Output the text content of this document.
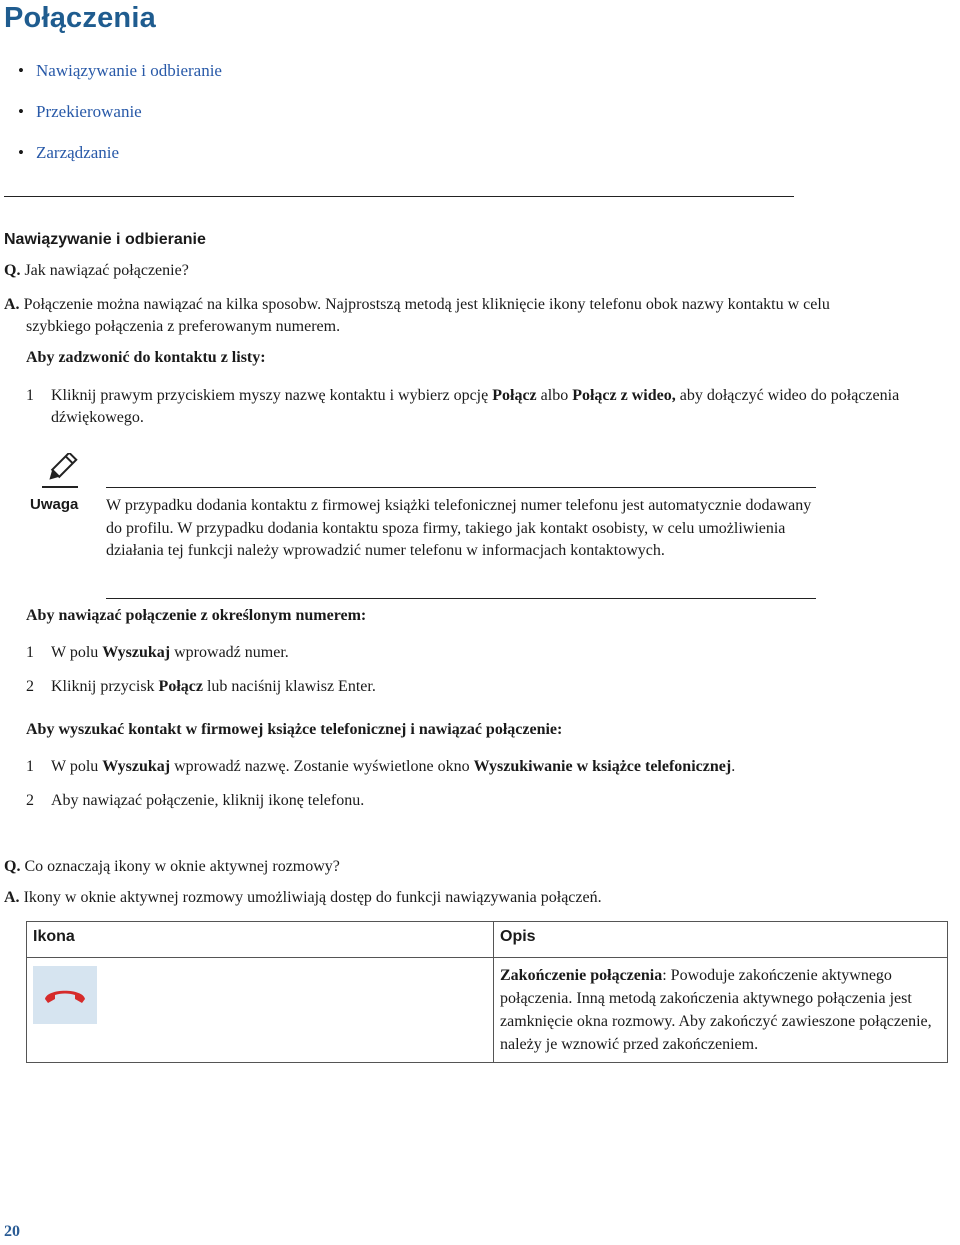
Połączenia
• Nawiązywanie i odbieranie
• Przekierowanie
• Zarządzanie
Nawiązywanie i odbieranie
Q. Jak nawiązać połączenie?
A. Połączenie można nawiązać na kilka sposobw. Najprostszą metodą jest kliknięcie ikony telefonu obok nazwy kontaktu w celu
szybkiego połączenia z preferowanym numerem.
Aby zadzwonić do kontaktu z listy:
1	Kliknij prawym przyciskiem myszy nazwę kontaktu i wybierz opcję Połącz albo Połącz z wideo, aby dołączyć wideo do połączenia dźwiękowego.
Uwaga W przypadku dodania kontaktu z firmowej książki telefonicznej numer telefonu jest automatycznie dodawany do profilu. W przypadku dodania kontaktu spoza firmy, takiego jak kontakt osobisty, w celu umożliwienia działania tej funkcji należy wprowadzić numer telefonu w informacjach kontaktowych.
Aby nawiązać połączenie z określonym numerem:
1	W polu Wyszukaj wprowadź numer.
2	Kliknij przycisk Połącz lub naciśnij klawisz Enter.
Aby wyszukać kontakt w firmowej książce telefonicznej i nawiązać połączenie:
1	W polu Wyszukaj wprowadź nazwę. Zostanie wyświetlone okno Wyszukiwanie w książce telefonicznej.
2	Aby nawiązać połączenie, kliknij ikonę telefonu.
Q. Co oznaczają ikony w oknie aktywnej rozmowy?
A. Ikony w oknie aktywnej rozmowy umożliwiają dostęp do funkcji nawiązywania połączeń.
Ikona	Opis

	Zakończenie połączenia: Powoduje zakończenie aktywnego połączenia. Inną metodą zakończenia aktywnego połączenia jest zamknięcie okna rozmowy. Aby zakończyć zawieszone połączenie, należy je wznowić przed zakończeniem.
20
